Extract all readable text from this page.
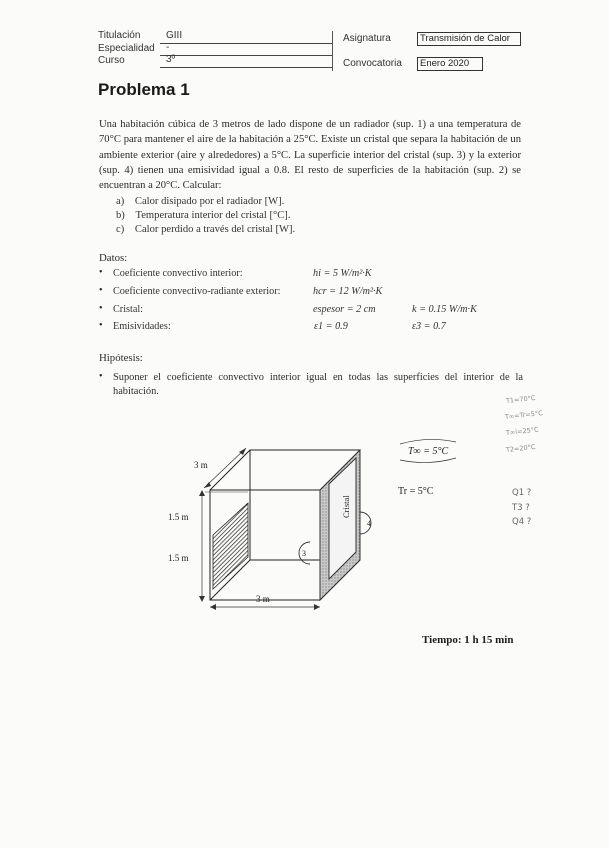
Titulación	GIII
Especialidad -
Curso	3º
Asignatura	Transmisión de Calor
Convocatoria	Enero 2020
Problema 1
Una habitación cúbica de 3 metros de lado dispone de un radiador (sup. 1) a una temperatura de 70°C para mantener el aire de la habitación a 25°C. Existe un cristal que separa la habitación de un ambiente exterior (aire y alrededores) a 5°C. La superficie interior del cristal (sup. 3) y la exterior (sup. 4) tienen una emisividad igual a 0.8. El resto de superficies de la habitación (sup. 2) se encuentran a 20°C. Calcular:
a) Calor disipado por el radiador [W].
b) Temperatura interior del cristal [°C].
c) Calor perdido a través del cristal [W].
Datos:
• Coeficiente convectivo interior:	hi = 5 W/m²·K
• Coeficiente convectivo-radiante exterior:	hcr = 12 W/m²·K
• Cristal:	espesor = 2 cm	k = 0.15 W/m·K
• Emisividades:	ε1 = 0.9	ε3 = 0.7
Hipótesis:
• Suponer el coeficiente convectivo interior igual en todas las superficies del interior de la habitación.
T1=70°C
T∞=Tr=5°C
T∞i=25°C
T2=20°C
Q1 ?
T3 ?
Q4 ?
3 m
1.5 m
1.5 m
3 m
Cristal
3
4
T∞ = 5°C
Tr = 5°C
Tiempo: 1 h 15 min
